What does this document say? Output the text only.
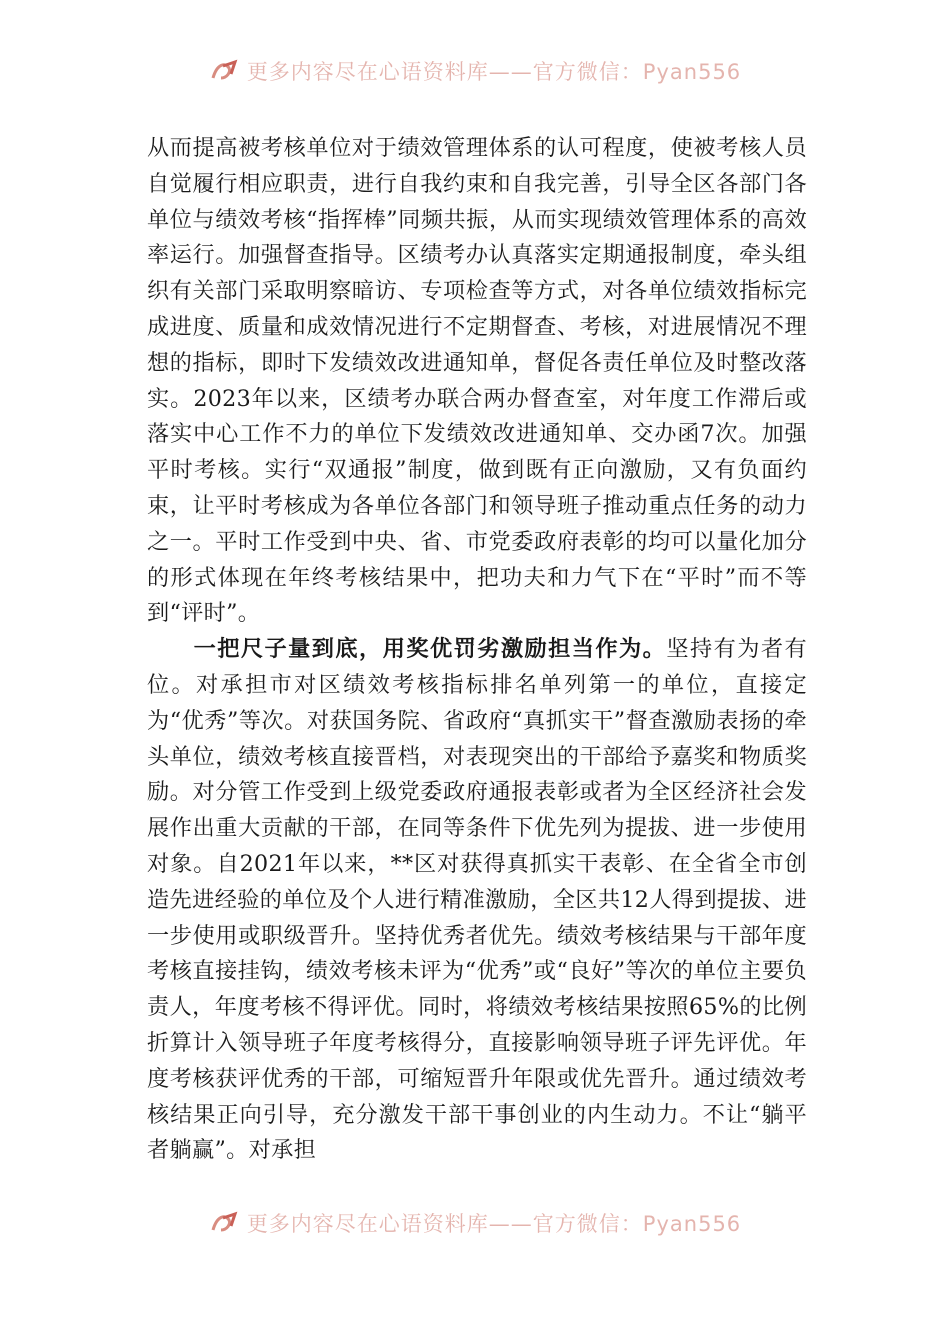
更多内容尽在心语资料库——官方微信：Pyan556

从而提高被考核单位对于绩效管理体系的认可程度，使被考核人员自觉履行相应职责，进行自我约束和自我完善，引导全区各部门各单位与绩效考核“指挥棒”同频共振，从而实现绩效管理体系的高效率运行。加强督查指导。区绩考办认真落实定期通报制度，牵头组织有关部门采取明察暗访、专项检查等方式，对各单位绩效指标完成进度、质量和成效情况进行不定期督查、考核，对进展情况不理想的指标，即时下发绩效改进通知单，督促各责任单位及时整改落实。2023年以来，区绩考办联合两办督查室，对年度工作滞后或落实中心工作不力的单位下发绩效改进通知单、交办函7次。加强平时考核。实行“双通报”制度，做到既有正向激励，又有负面约束，让平时考核成为各单位各部门和领导班子推动重点任务的动力之一。平时工作受到中央、省、市党委政府表彰的均可以量化加分的形式体现在年终考核结果中，把功夫和力气下在“平时”而不等到“评时”。

一把尺子量到底，用奖优罚劣激励担当作为。坚持有为者有位。对承担市对区绩效考核指标排名单列第一的单位，直接定为“优秀”等次。对获国务院、省政府“真抓实干”督查激励表扬的牵头单位，绩效考核直接晋档，对表现突出的干部给予嘉奖和物质奖励。对分管工作受到上级党委政府通报表彰或者为全区经济社会发展作出重大贡献的干部，在同等条件下优先列为提拔、进一步使用对象。自2021年以来，**区对获得真抓实干表彰、在全省全市创造先进经验的单位及个人进行精准激励，全区共12人得到提拔、进一步使用或职级晋升。坚持优秀者优先。绩效考核结果与干部年度考核直接挂钩，绩效考核未评为“优秀”或“良好”等次的单位主要负责人，年度考核不得评优。同时，将绩效考核结果按照65%的比例折算计入领导班子年度考核得分，直接影响领导班子评先评优。年度考核获评优秀的干部，可缩短晋升年限或优先晋升。通过绩效考核结果正向引导，充分激发干部干事创业的内生动力。不让“躺平者躺赢”。对承担

更多内容尽在心语资料库——官方微信：Pyan556
